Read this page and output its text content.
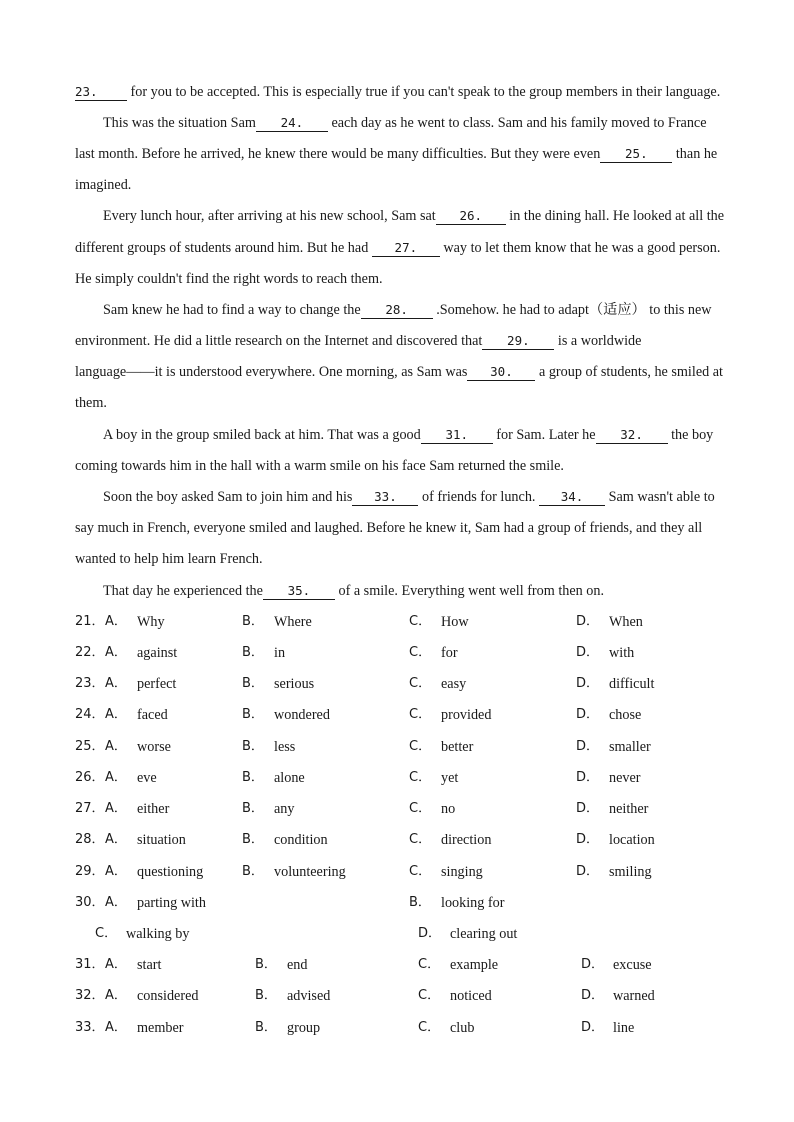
23. for you to be accepted. This is especially true if you can't speak to the group members in their language.
This was the situation Sam 24. each day as he went to class. Sam and his family moved to France
last month. Before he arrived, he knew there would be many difficulties. But they were even 25. than he
imagined.
Every lunch hour, after arriving at his new school, Sam sat 26. in the dining hall. He looked at all the
different groups of students around him. But he had 27. way to let them know that he was a good person.
He simply couldn't find the right words to reach them.
Sam knew he had to find a way to change the 28. .Somehow. he had to adapt（适应） to this new
environment. He did a little research on the Internet and discovered that 29. is a worldwide
language——it is understood everywhere. One morning, as Sam was 30. a group of students, he smiled at
them.
A boy in the group smiled back at him. That was a good 31. for Sam. Later he 32. the boy
coming towards him in the hall with a warm smile on his face Sam returned the smile.
Soon the boy asked Sam to join him and his 33. of friends for lunch. 34. Sam wasn't able to
say much in French, everyone smiled and laughed. Before he knew it, Sam had a group of friends, and they all
wanted to help him learn French.
That day he experienced the 35. of a smile. Everything went well from then on.
21． A． Why	B． Where	C． How	D． When
22． A． against	B． in	C． for	D． with
23． A． perfect	B． serious	C． easy	D． difficult
24． A． faced	B． wondered	C． provided	D． chose
25． A． worse	B． less	C． better	D． smaller
26． A． eve	B． alone	C． yet	D． never
27． A． either	B． any	C． no	D． neither
28． A． situation	B． condition	C． direction	D． location
29． A． questioning	B． volunteering	C． singing	D． smiling
30． A． parting with	B． looking for
C． walking by	D． clearing out
31． A． start	B． end	C． example	D． excuse
32． A． considered	B． advised	C． noticed	D． warned
33． A． member	B． group	C． club	D． line
